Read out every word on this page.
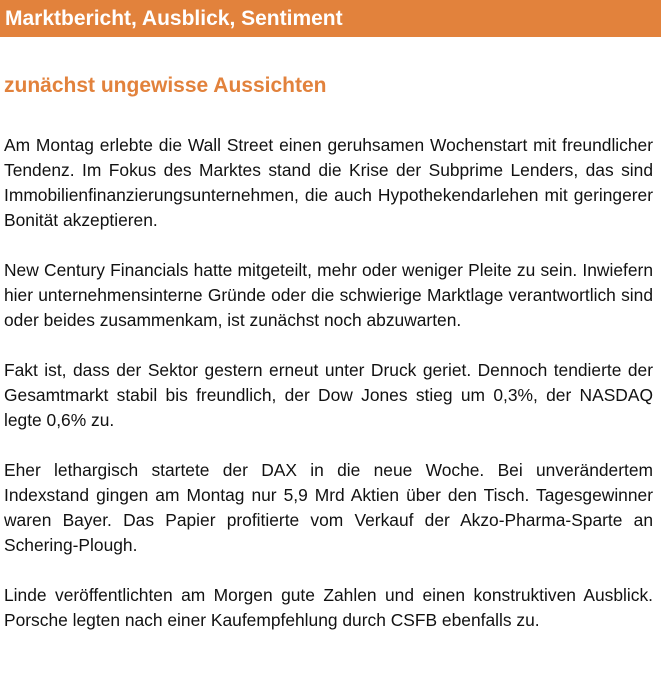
Marktbericht, Ausblick, Sentiment
zunächst ungewisse Aussichten

Am Montag erlebte die Wall Street einen geruhsamen Wochenstart mit freundlicher Tendenz. Im Fokus des Marktes stand die Krise der Subprime Lenders, das sind Immobilienfinanzierungsunternehmen, die auch Hypothekendarlehen mit geringerer Bonität akzeptieren.

New Century Financials hatte mitgeteilt, mehr oder weniger Pleite zu sein. Inwiefern hier unternehmensinterne Gründe oder die schwierige Marktlage verantwortlich sind oder beides zusammenkam, ist zunächst noch abzuwarten.

Fakt ist, dass der Sektor gestern erneut unter Druck geriet. Dennoch tendierte der Gesamtmarkt stabil bis freundlich, der Dow Jones stieg um 0,3%, der NASDAQ legte 0,6% zu.

Eher lethargisch startete der DAX in die neue Woche. Bei unverändertem Indexstand gingen am Montag nur 5,9 Mrd Aktien über den Tisch. Tagesgewinner waren Bayer. Das Papier profitierte vom Verkauf der Akzo-Pharma-Sparte an Schering-Plough.

Linde veröffentlichten am Morgen gute Zahlen und einen konstruktiven Ausblick. Porsche legten nach einer Kaufempfehlung durch CSFB ebenfalls zu.
